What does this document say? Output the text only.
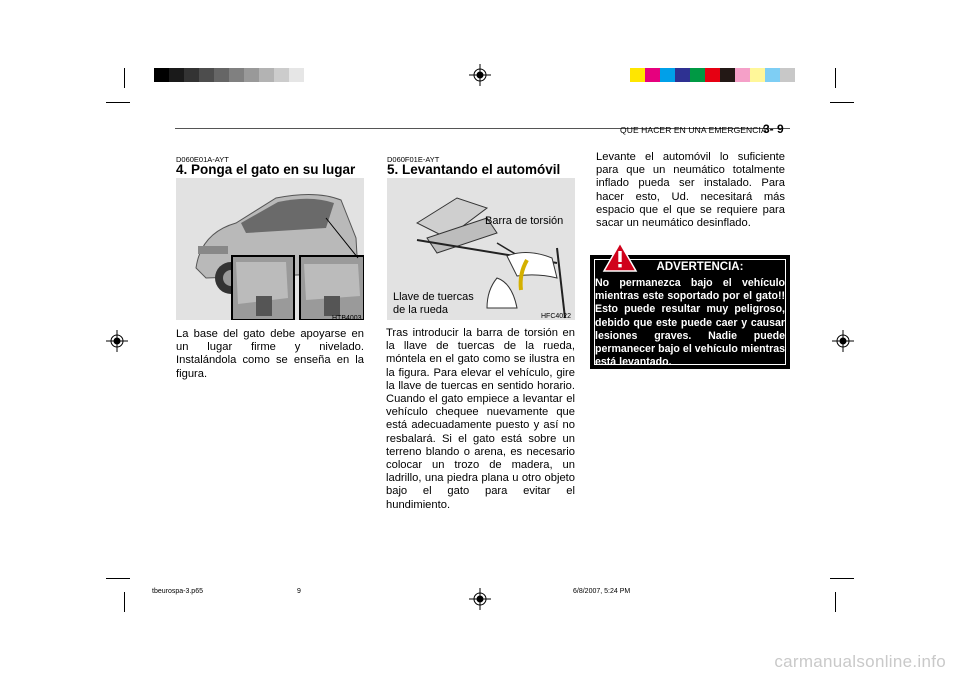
QUE HACER EN UNA EMERGENCIA
3- 9
D060E01A-AYT
4. Ponga el gato en su lugar
HTB4003
La base del gato debe apoyarse en un lugar firme y nivelado. Instalándola como se enseña en la figura.
D060F01E-AYT
5. Levantando el automóvil
Barra de torsión
Llave de tuercas
de la rueda
HFC4022
Tras introducir la barra de torsión en la llave de tuercas de la rueda, móntela en el gato como se ilustra en la figura. Para elevar el vehículo, gire la llave de tuercas en sentido horario. Cuando el gato empiece a levantar el vehículo chequee nuevamente que está adecuadamente puesto y así no resbalará. Si el gato está sobre un terreno blando o arena, es necesario colocar un trozo de madera, un ladrillo, una piedra plana u otro objeto bajo el gato para evitar el hundimiento.
Levante el automóvil lo suficiente para que un neumático totalmente inflado pueda ser instalado. Para hacer esto, Ud. necesitará más espacio que el que se requiere para sacar un neumático desinflado.
ADVERTENCIA:
No permanezca bajo el vehículo mientras este soportado por el gato!! Esto puede resultar muy peligroso, debido que este puede caer y causar lesiones graves. Nadie puede permanecer bajo el vehículo mientras está levantado.
tbeurospa-3.p65	9	6/8/2007, 5:24 PM
carmanualsonline.info
